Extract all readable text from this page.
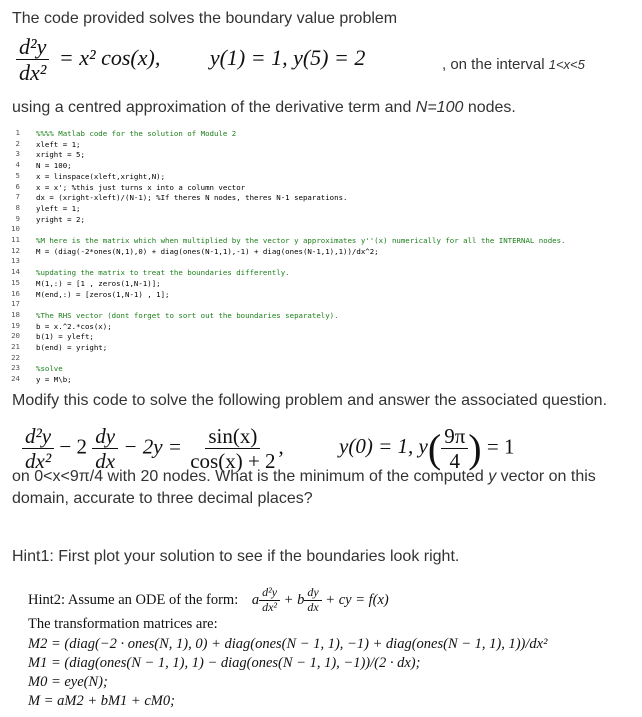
The code provided solves the boundary value problem
$\frac{\text{d²y}}{\text{dx²}} = x^2$ cos(x), y(1) = 1, y(5) = 2	, on the interval 1<x<5
using a centred approximation of the derivative term and N=100 nodes.
1 %%%% Matlab code for the solution of Module 2
2 xleft = 1;
3 xright = 5;
4 N = 100;
5 x = linspace(xleft,xright,N);
6 x = x'; %this just turns x into a column vector
7 dx = (xright-xleft)/(N-1); %If theres N nodes, theres N-1 separations.
8 yleft = 1;
9 yright = 2;
10
11 %M here is the matrix which when multiplied by the vector y approximates y''(x) numerically for all the INTERNAL nodes.
12 M = (diag(-2*ones(N,1),0) + diag(ones(N-1,1),-1) + diag(ones(N-1,1),1))/dx^2;
13
14 %updating the matrix to treat the boundaries differently.
15 M(1,:) = [1 , zeros(1,N-1)];
16 M(end,:) = [zeros(1,N-1) , 1];
17
18 %The RHS vector (dont forget to sort out the boundaries separately).
19 b = x.^2.*cos(x);
20 b(1) = yleft;
21 b(end) = yright;
22
23 %solve
24 y = M\b;
Modify this code to solve the following problem and answer the associated question.
$\frac{\text{d²y}}{\text{dx²}} - 2 \frac{dy}{dx} - 2y = \frac{\sin(x)}{\cos(x) + 2}$ ,	y(0) = 1, $y( \frac{9\pi}{4}$ ) = 1
on 0<x<9π/4 with 20 nodes. What is the minimum of the computed y vector on this
domain, accurate to three decimal places?
Hint1: First plot your solution to see if the boundaries look right.
Hint2: Assume an ODE of the form: a $\frac{\text{d²y}}{\text{dx²}} + b \frac{dy}{dx}$ + cy = f(x)
The transformation matrices are:
M2 = (diag(−2 · ones(N, 1), 0) + diag(ones(N − 1, 1), −1) + diag(ones(N − 1, 1), 1))/dx²
M1 = (diag(ones(N − 1, 1), 1) − diag(ones(N − 1, 1), −1))/(2 · dx);
M0 = eye(N);
M = aM2 + bM1 + cM0;
